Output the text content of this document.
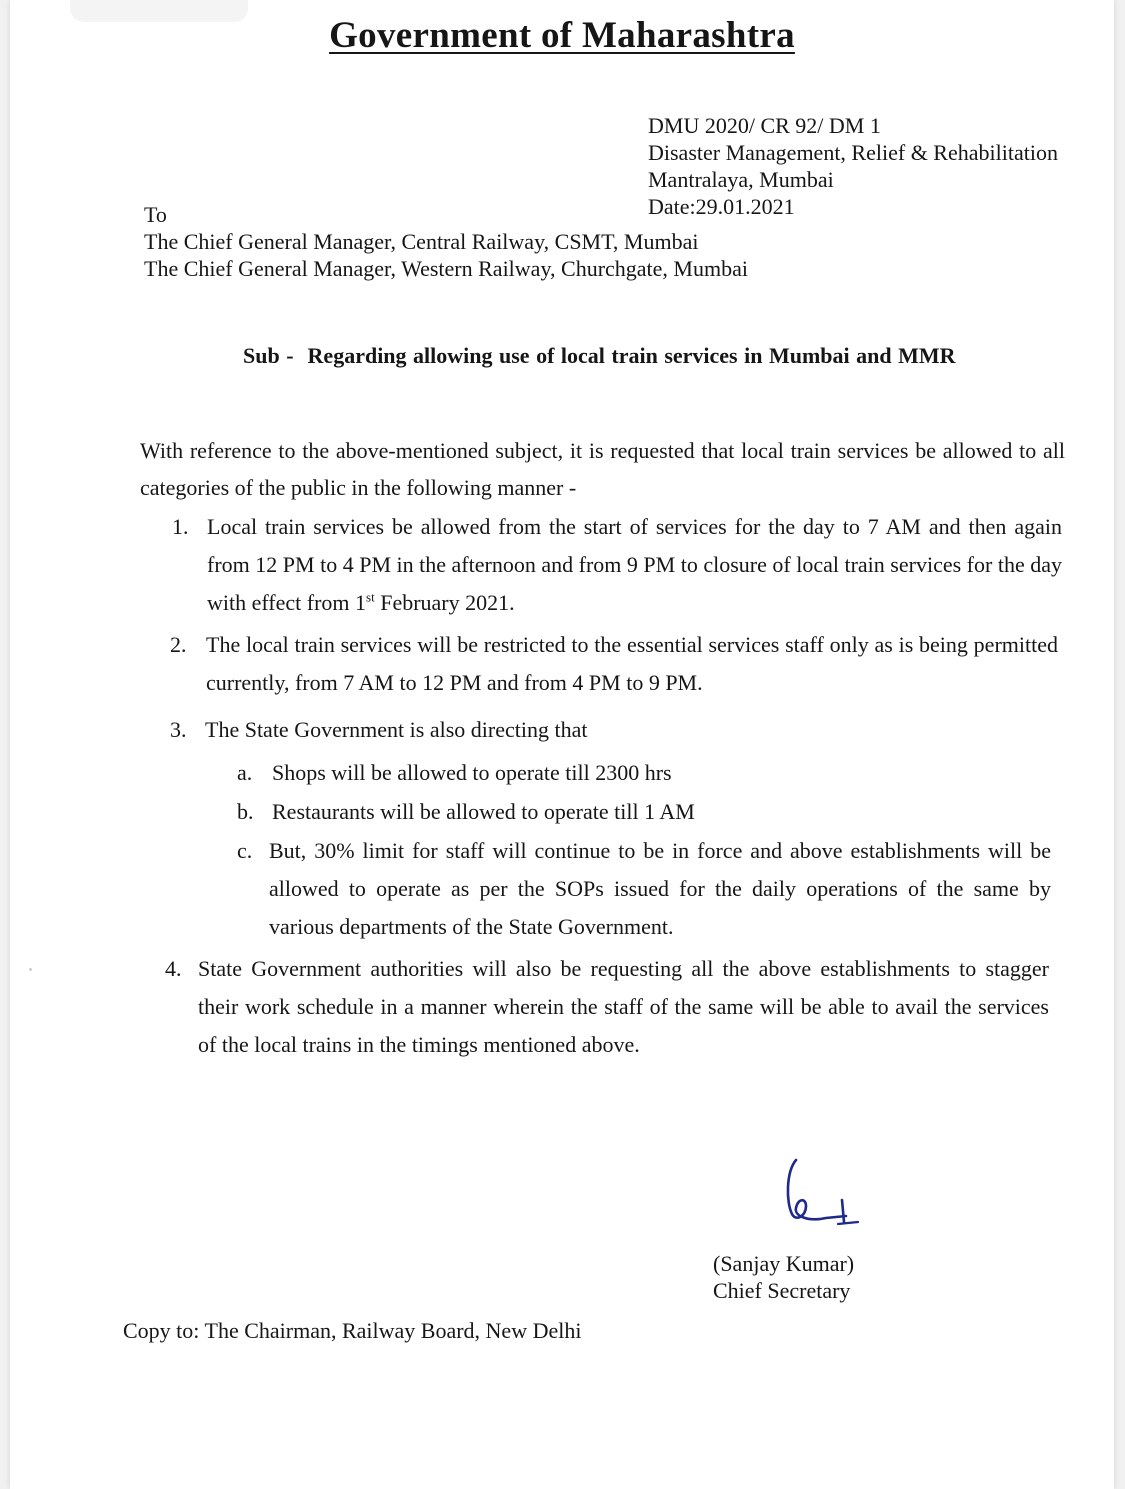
Government of Maharashtra
DMU 2020/ CR 92/ DM 1
Disaster Management, Relief & Rehabilitation
Mantralaya, Mumbai
Date:29.01.2021
To
The Chief General Manager, Central Railway, CSMT, Mumbai
The Chief General Manager, Western Railway, Churchgate, Mumbai
Sub - Regarding allowing use of local train services in Mumbai and MMR
With reference to the above-mentioned subject, it is requested that local train services be allowed to all categories of the public in the following manner -
1. Local train services be allowed from the start of services for the day to 7 AM and then again from 12 PM to 4 PM in the afternoon and from 9 PM to closure of local train services for the day with effect from 1st February 2021.
2. The local train services will be restricted to the essential services staff only as is being permitted currently, from 7 AM to 12 PM and from 4 PM to 9 PM.
3. The State Government is also directing that
a. Shops will be allowed to operate till 2300 hrs
b. Restaurants will be allowed to operate till 1 AM
c. But, 30% limit for staff will continue to be in force and above establishments will be allowed to operate as per the SOPs issued for the daily operations of the same by various departments of the State Government.
4. State Government authorities will also be requesting all the above establishments to stagger their work schedule in a manner wherein the staff of the same will be able to avail the services of the local trains in the timings mentioned above.
(Sanjay Kumar)
Chief Secretary
Copy to: The Chairman, Railway Board, New Delhi
